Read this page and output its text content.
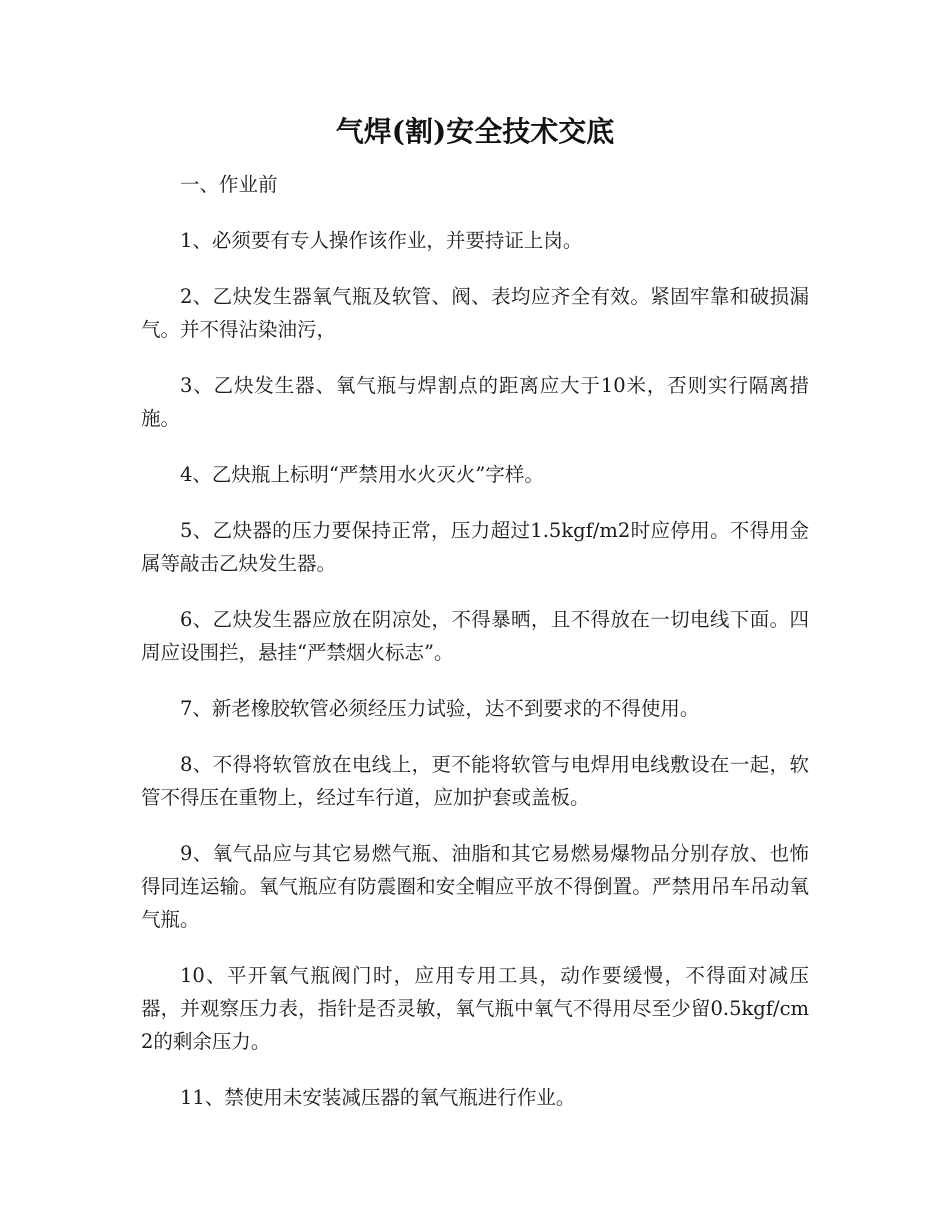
气焊(割)安全技术交底

一、作业前

1、必须要有专人操作该作业，并要持证上岗。

2、乙炔发生器氧气瓶及软管、阀、表均应齐全有效。紧固牢靠和破损漏气。并不得沾染油污，

3、乙炔发生器、氧气瓶与焊割点的距离应大于10米，否则实行隔离措施。

4、乙炔瓶上标明“严禁用水火灭火”字样。

5、乙炔器的压力要保持正常，压力超过1.5kgf/m2时应停用。不得用金属等敲击乙炔发生器。

6、乙炔发生器应放在阴凉处，不得暴晒，且不得放在一切电线下面。四周应设围拦，悬挂“严禁烟火标志”。

7、新老橡胶软管必须经压力试验，达不到要求的不得使用。

8、不得将软管放在电线上，更不能将软管与电焊用电线敷设在一起，软管不得压在重物上，经过车行道，应加护套或盖板。

9、氧气品应与其它易燃气瓶、油脂和其它易燃易爆物品分别存放、也怖得同连运输。氧气瓶应有防震圈和安全帽应平放不得倒置。严禁用吊车吊动氧气瓶。

10、平开氧气瓶阀门时，应用专用工具，动作要缓慢，不得面对减压器，并观察压力表，指针是否灵敏，氧气瓶中氧气不得用尽至少留0.5kgf/cm2的剩余压力。

11、禁使用未安装减压器的氧气瓶进行作业。
